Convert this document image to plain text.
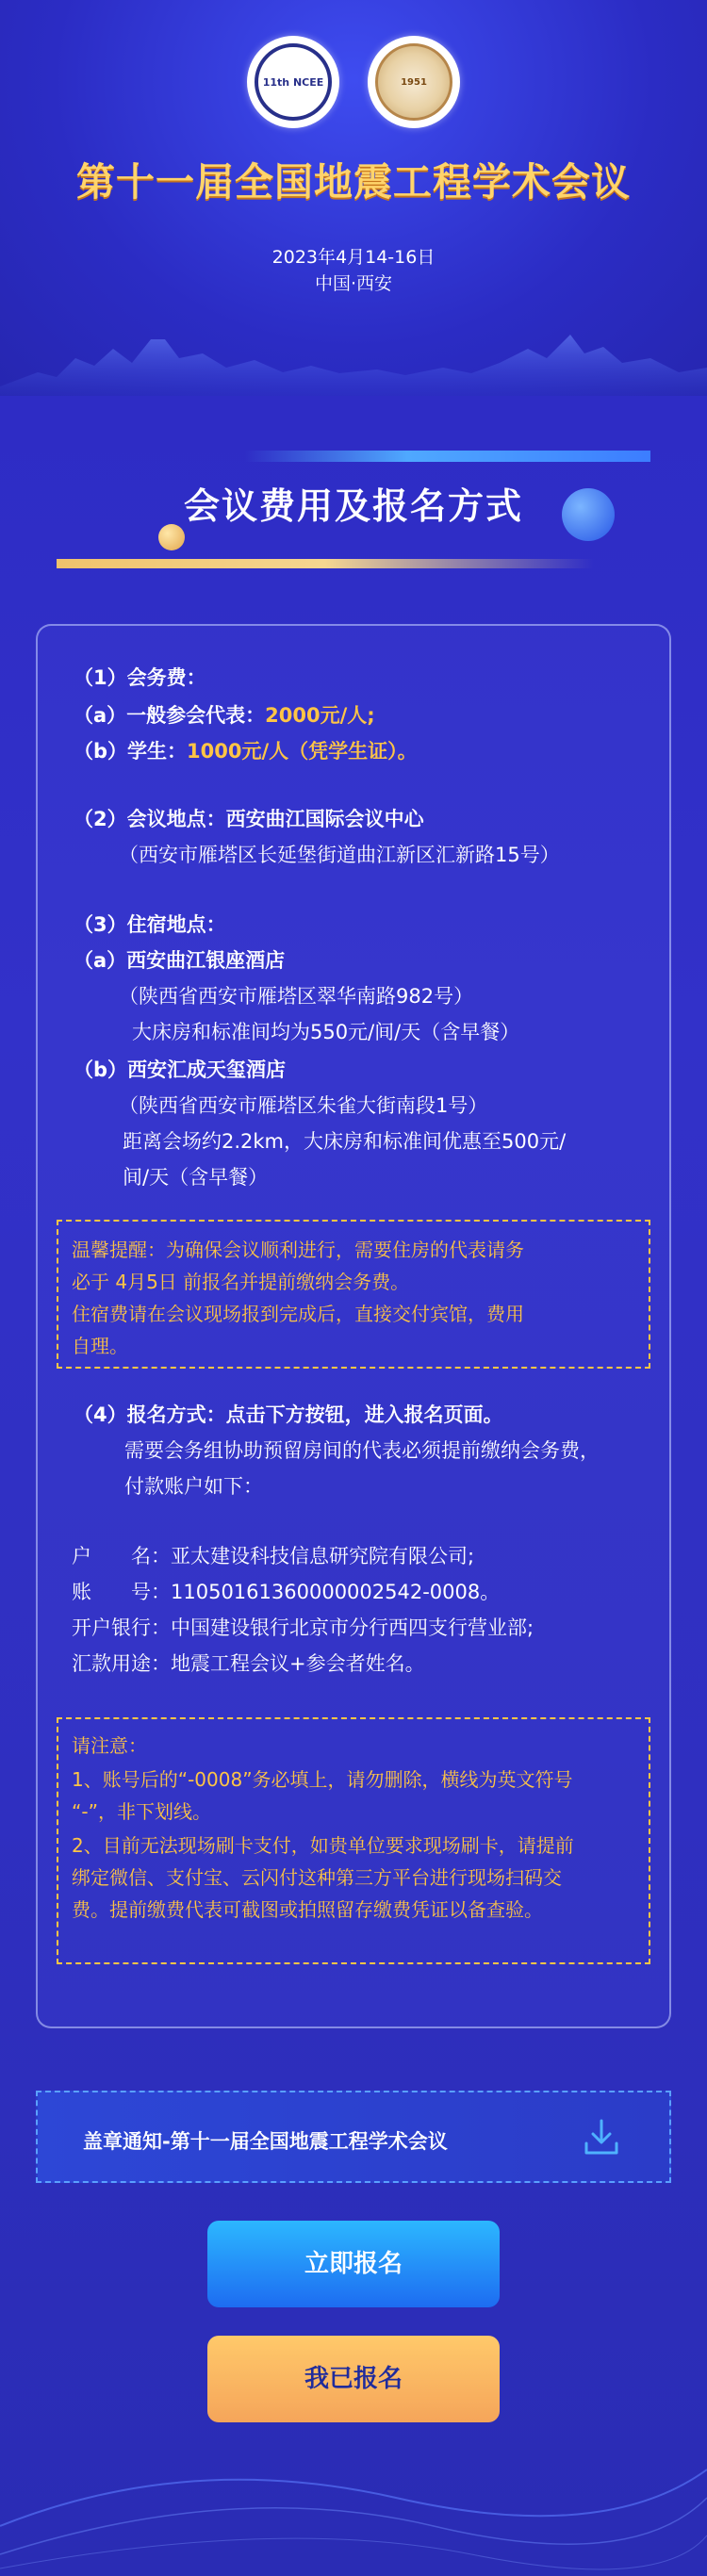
11th NCEE	1951
第十一届全国地震工程学术会议
2023年4月14-16日
中国·西安
会议费用及报名方式
（1）会务费：
（a）一般参会代表：2000元/人;
（b）学生：1000元/人（凭学生证）。
（2）会议地点：西安曲江国际会议中心
（西安市雁塔区长延堡街道曲江新区汇新路15号）
（3）住宿地点：
（a）西安曲江银座酒店
（陕西省西安市雁塔区翠华南路982号）
大床房和标准间均为550元/间/天（含早餐）
（b）西安汇成天玺酒店
（陕西省西安市雁塔区朱雀大街南段1号）
距离会场约2.2km，大床房和标准间优惠至500元/
间/天（含早餐）
温馨提醒：为确保会议顺利进行，需要住房的代表请务
必于 4月5日 前报名并提前缴纳会务费。
住宿费请在会议现场报到完成后，直接交付宾馆，费用
自理。
（4）报名方式：点击下方按钮，进入报名页面。
需要会务组协助预留房间的代表必须提前缴纳会务费，
付款账户如下：
户　　名：亚太建设科技信息研究院有限公司;
账　　号：11050161360000002542-0008。
开户银行：中国建设银行北京市分行西四支行营业部;
汇款用途：地震工程会议+参会者姓名。
请注意：
1、账号后的“-0008”务必填上，请勿删除，横线为英文符号
“-”，非下划线。
2、目前无法现场刷卡支付，如贵单位要求现场刷卡，请提前
绑定微信、支付宝、云闪付这种第三方平台进行现场扫码交
费。提前缴费代表可截图或拍照留存缴费凭证以备查验。
盖章通知-第十一届全国地震工程学术会议
立即报名
我已报名
